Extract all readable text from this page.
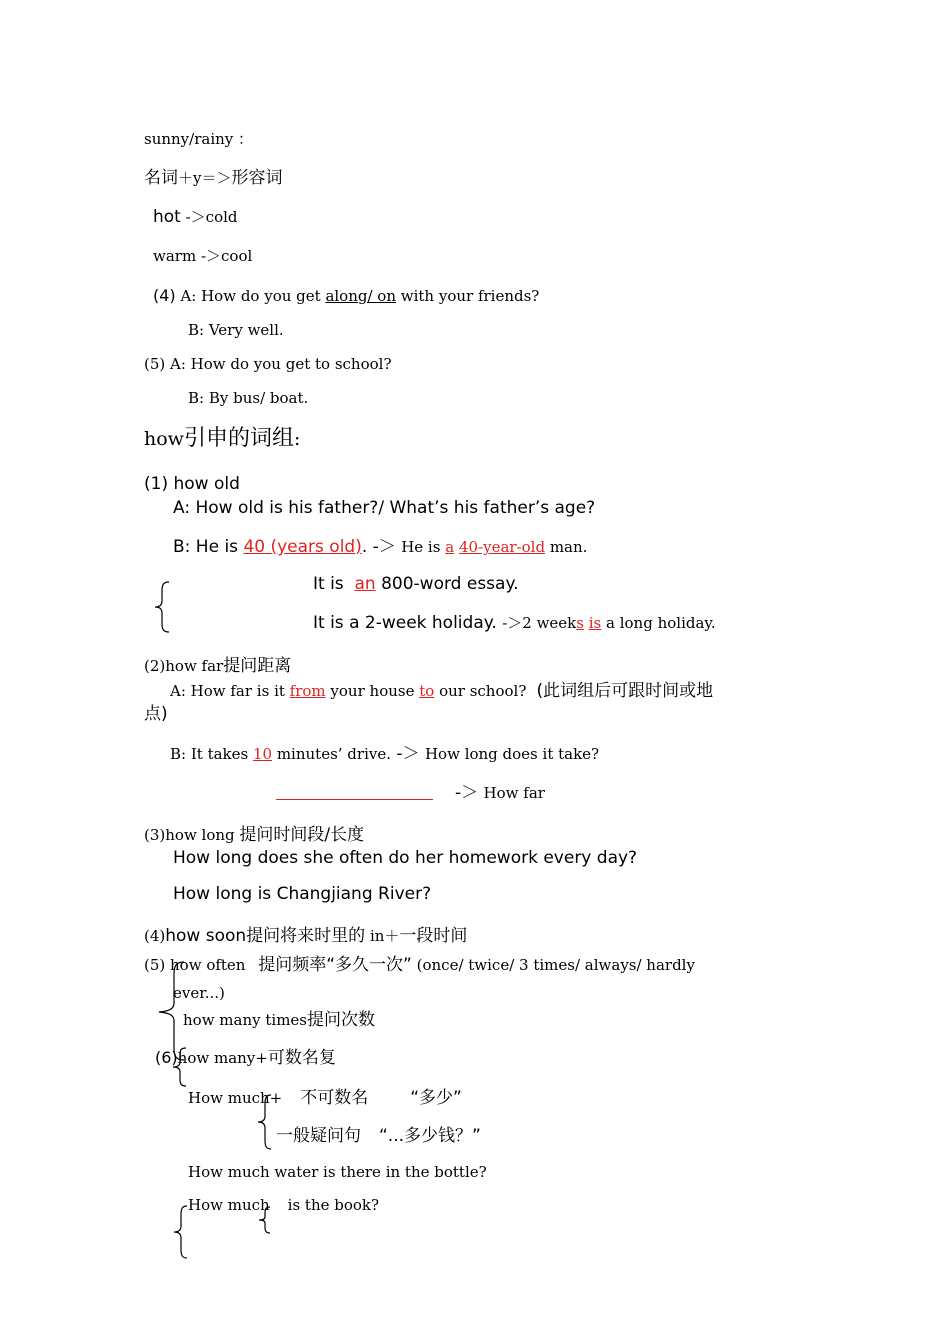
sunny/rainy ：
名词＋y＝＞形容词
hot -＞cold
warm -＞cool
(4) A: How do you get along/ on with your friends?
B: Very well.
(5) A: How do you get to school?
B: By bus/ boat.
how引申的词组:
(1) how old
A: How old is his father?/ What’s his father’s age?
B: He is 40 (years old). -＞ He is a 40-year-old man.
It is  an 800-word essay.
It is a 2-week holiday. -＞2 weeks is a long holiday.
(2)how far提问距离
A: How far is it from your house to our school?  (此词组后可跟时间或地
点)
B: It takes 10 minutes’ drive. -＞ How long does it take?
-＞ How far
(3)how long 提问时间段/长度
How long does she often do her homework every day?
How long is Changjiang River?
(4)how soon提问将来时里的 in＋一段时间
(5) how often 提问频率“多久一次” (once/ twice/ 3 times/ always/ hardly
ever...)
how many times提问次数
(6)how many+可数名复
How much+ 不可数名 “多少”
一般疑问句 “...多少钱？”
How much water is there in the bottle?
How much is the book?
